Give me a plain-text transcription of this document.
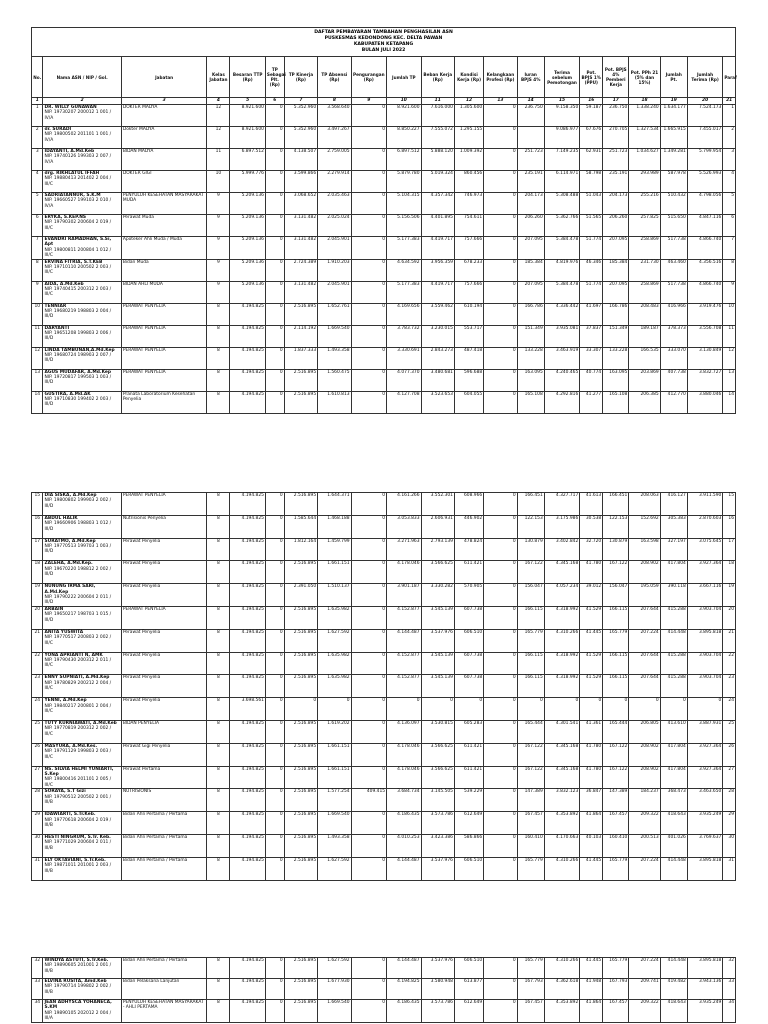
DAFTAR PEMBAYARAN TAMBAHAN PENGHASILAN ASN
PUSKESMAS KEDONDONG KEC. DELTA PAWAN
KABUPATEN KETAPANG
BULAN JULI 2022
No.	Nama ASN / NIP / Gol.	Jabatan	Kelas Jabatan	Besaran TTP (Rp)	TP Sebagai Plt. (Rp)	TP Kinerja (Rp)	TP Absensi (Rp)	Pengurangan (Rp)	Jumlah TP	Beban Kerja (Rp)	Kondisi Kerja (Rp)	Kelangkaan Profesi (Rp)	Iuran BPJS 4%	Terima sebelum Pemotongan	Pot. BPJS 1% (PPU)	Pot. BPJS 4% Pemberi Kerja	Pot. PPh 21 (5% dan 15%)	Jumlah Pt.	Jumlah Terima (Rp)	Paraf
1	2	3	4	5	6	7	8	9	10	11	12	13	14	15	16	17	18	19	20	21
1	DR. WILLY GUNAWAN
NIP. 19730207 200012 1 001 / IV/A	DOKTER MADYA	12	8.921.600	0	5.352.960	3.568.640	0	8.921.600	7.616.000	1.305.600	0	236.750	9.158.350	59.187	236.750	1.338.240	1.634.177	7.524.173	1
2	dr. SURADI
NIP. 19800502 201101 1 001 / IV/A	Dokter MADYA	12	8.921.600	0	5.352.960	3.497.267	0	8.850.227	7.555.072	1.295.155	0		9.086.977	67.676	270.705	1.327.534	1.665.915	7.455.017	2
3	IDAYANTI, A.Md.Keb
NIP. 19740126 199303 2 007 / IV/A	BIDAN MADYA	11	6.897.512	0	4.138.507	2.759.005	0	6.897.512	5.888.120	1.009.392	0	251.723	7.149.235	62.931	251.723	1.034.627	1.349.281	5.799.954	3
4	drg. RIKHLATUL IFFAH
NIP. 19880413 201402 2 004 / III/C	DOKTER GIGI	10	5.999.776	0	3.599.866	2.279.914	0	5.879.780	5.019.324	860.456	0	235.191	6.114.971	58.798	235.191	293.989	587.978	5.526.993	4
5	SADRIATANNUR, S.K.M
NIP. 19660527 199103 2 010 / IV/A	PENYULUH KESEHATAN MASYARAKAT MUDA	9	5.209.136	0	3.068.652	2.035.463	0	5.104.315	4.357.342	746.973	0	204.173	5.308.488	51.043	204.173	255.216	510.432	4.798.056	5
6	ERYKA, S.KEP.NS
NIP. 19790302 200604 2 019 / III/C	Perawat Muda	9	5.209.136	0	3.131.482	2.025.024	0	5.156.506	4.401.895	754.611	0	206.260	5.362.766	51.565	206.260	257.825	515.650	4.847.116	6
7	EVANDRI RAMADHAN, S.Si, Apt
NIP. 19800811 200804 1 012 / III/C	Apoteker Ahli Muda / Muda	9	5.209.136	0	3.131.482	2.045.901	0	5.177.383	4.419.717	757.666	0	207.095	5.384.478	51.774	207.095	258.869	517.738	4.866.740	7
8	ERVINA FITRIA, S.T.KEB
NIP. 19710110 200502 2 003 / III/C	Bidan Muda	9	5.209.136	0	2.724.389	1.910.203	0	4.634.592	3.956.359	678.233	0	185.384	4.819.976	46.346	185.384	231.730	463.460	4.356.516	8
9	AIDA, A.Md.Keb
NIP. 19740415 200312 2 003 / III/C	BIDAN AHLI MUDA	9	5.209.136	0	3.131.482	2.045.901	0	5.177.383	4.419.717	757.666	0	207.095	5.384.478	51.774	207.095	258.869	517.738	4.866.740	9
10	TENNIAR
NIP. 19680219 198803 2 004 / III/D	PERAWAT PENYELIA	8	4.194.825	0	2.516.895	1.652.761	0	4.169.656	3.559.462	610.194	0	166.786	4.336.442	41.697	166.786	208.483	416.966	3.919.476	10
11	DARYANTI
NIP. 19651208 199803 2 006 / III/D	PERAWAT PENYELIA	8	4.194.825	0	2.114.192	1.669.540	0	3.783.732	3.230.015	553.717	0	151.349	3.935.081	37.837	151.349	189.187	378.373	3.556.708	11
12	LINDA TAMBUNAN,A.Md.Kep
NIP. 19680724 198903 2 007 / III/D	PERAWAT PENYELIA	8	4.194.825	0	1.837.333	1.493.358	0	3.330.691	2.843.273	487.418	0	133.228	3.463.919	33.307	133.228	166.535	333.070	3.130.849	12
13	AGUS MUDAFAR, A.Md.Kep
NIP. 19720817 199503 1 003 / III/D	PERAWAT PENYELIA	8	4.194.825	0	2.516.895	1.560.475	0	4.077.370	3.480.681	596.688	0	163.095	4.240.465	40.774	163.095	203.869	407.738	3.832.727	13
14	GUSTIRA, A.Md.AK
NIP. 19710830 199402 2 003 / III/D	Pranata Laboratorium Kesehatan Penyelia	8	4.194.825	0	2.516.895	1.610.813	0	4.127.708	3.523.653	604.055	0	165.108	4.292.816	41.277	165.108	206.385	412.770	3.880.046	14
15	DIA SISKA, A.Md.Kep
NIP. 19800802 199903 2 002 / III/D	PERAWAT PENYELIA	8	4.194.825	0	2.516.895	1.644.371	0	4.161.266	3.552.301	608.966	0	166.451	4.327.717	41.613	166.451	208.063	416.127	3.911.590	15
16	ABDUL HALIK
NIP. 19660906 198803 1 012 / III/D	Nutrisionis Penyelia	8	4.194.825	0	1.585.644	1.468.188	0	3.053.833	2.606.931	446.902	0	122.153	3.175.986	30.538	122.153	152.692	305.383	2.870.603	16
17	SURATMO, A.Md.Kep
NIP. 19770513 199703 1 003 / III/D	Perawat Penyelia	8	4.194.825	0	1.812.164	1.459.799	0	3.271.963	2.793.139	478.824	0	130.879	3.402.842	32.720	130.879	163.598	327.197	3.075.645	17
18	ZALEHA, A.Md.Kep.
NIP. 19670220 198812 2 002 / III/D	Perawat Penyelia	8	4.194.825	0	2.516.895	1.661.151	0	4.178.046	3.566.625	611.421	0	167.122	4.345.168	41.780	167.122	208.902	417.804	3.927.364	18
19	NUNUNG IRMA SARI, A.Md.Kep
NIP. 19790222 200604 2 011 / III/D	Perawat Penyelia	8	4.194.825	0	2.391.050	1.510.137	0	3.901.187	3.330.282	570.905	0	156.047	4.057.234	39.012	156.047	195.059	390.118	3.667.116	19
20	ARBAIN
NIP. 19650217 198703 1 015 / III/D	PERAWAT PENYELIA	8	4.194.825	0	2.516.895	1.635.982	0	4.152.877	3.545.139	607.738	0	166.115	4.318.992	41.529	166.115	207.644	415.288	3.903.704	20
21	ANITA YUSWITA
NIP. 19770517 200803 2 002 / III/C	Perawat Penyelia	8	4.194.825	0	2.516.895	1.627.592	0	4.144.487	3.537.976	606.510	0	165.779	4.310.266	41.445	165.779	207.224	414.448	3.895.818	21
22	YONA APRIANTI N, AMK
NIP. 19790430 200312 2 011 / III/C	Perawat Penyelia	8	4.194.825	0	2.516.895	1.635.982	0	4.152.877	3.545.139	607.738	0	166.115	4.318.992	41.529	166.115	207.644	415.288	3.903.704	22
23	ENNY SUPNIATI, A.Md.Kep
NIP. 19780829 200212 2 004 / III/C	Perawat Penyelia	8	4.194.825	0	2.516.895	1.635.982	0	4.152.877	3.545.139	607.738	0	166.115	4.318.992	41.529	166.115	207.644	415.288	3.903.704	23
24	YENNI, A.Md.Kep
NIP. 19840217 200801 2 004 / III/C	Perawat Penyelia	8	3.698.561	0	0	0	0	0	0	0	0	0	0	0	0	0	0	0	24
25	TUTY KURNIAWATI, A.Md.Keb
NIP. 19770819 200312 2 002 / III/C	BIDAN PENYELIA	8	4.194.825	0	2.516.895	1.619.202	0	4.136.097	3.530.815	605.283	0	165.444	4.301.541	41.361	165.444	206.805	413.610	3.887.931	25
26	MASYURA, A.Md.Kes.
NIP. 19791129 199803 2 003 / III/C	Perawat Gigi Penyelia	8	4.194.825	0	2.516.895	1.661.151	0	4.178.046	3.566.625	611.421	0	167.122	4.345.168	41.780	167.122	208.902	417.804	3.927.364	26
27	NS. SILVIA HELMI YUNIARTI, S.Kep
NIP. 19800416 201101 2 005 / III/C	Perawat Pertama	8	4.194.825	0	2.516.895	1.661.151	0	4.178.046	3.566.625	611.421	0	167.122	4.345.168	41.780	167.122	208.902	417.804	3.927.364	27
28	SORAYA, S.T Gizi
NIP. 19790512 200502 2 001 / III/B	NUTRISIONIS	8	4.194.825	0	2.516.895	1.577.254	409.415	3.684.734	3.145.505	539.229	0	147.389	3.832.123	36.847	147.389	184.237	368.473	3.463.650	28
29	IDAWIARTI, S.Tr.Keb.
NIP. 19770618 200604 2 019 / III/B	Bidan Ahli Pertama / Pertama	8	4.194.825	0	2.516.895	1.669.540	0	4.186.435	3.573.786	612.649	0	167.457	4.353.892	41.864	167.457	209.322	418.643	3.935.249	29
30	HESTI NINGRUM, S.Tr. Keb.
NIP. 19771029 200604 2 011 / III/B	Bidan Ahli Pertama / Pertama	8	4.194.825	0	2.516.895	1.493.358	0	4.010.253	3.423.386	586.866	0	160.410	4.170.663	40.103	160.410	200.513	401.026	3.769.637	30
31	ELY OKTAVIANI, S.Tr.Keb.
NIP. 19871011 201001 2 003 / III/B	Bidan Ahli Pertama / Pertama	8	4.194.825	0	2.516.895	1.627.592	0	4.144.487	3.537.976	606.510	0	165.779	4.310.266	41.445	165.779	207.224	414.448	3.895.818	31
32	WINDYA ASTUTI, S.Tr.Keb.
NIP. 19890605 201001 2 001 / III/B	Bidan Ahli Pertama / Pertama	8	4.194.825	0	2.516.895	1.627.592	0	4.144.487	3.537.976	606.510	0	165.779	4.310.266	41.445	165.779	207.224	414.448	3.895.818	32
33	ELVINA RUSITA, Amd.Keb
NIP. 19790714 199802 2 002 / III/B	Bidan Pelaksana Lanjutan	8	4.194.825	0	2.516.895	1.677.930	0	4.194.825	3.580.948	613.877	0	167.793	4.362.618	41.948	167.793	209.741	419.482	3.943.136	33
34	JEAN ADHYSCA YOHANECA, S.KM
NIP. 19890105 202012 2 004 / III/A	PENYULUH KESEHATAN MASYARAKAT - AHLI PERTAMA	8	4.194.825	0	2.516.895	1.669.540	0	4.186.435	3.573.786	612.649	0	167.457	4.353.892	41.864	167.457	209.322	418.643	3.935.249	34
